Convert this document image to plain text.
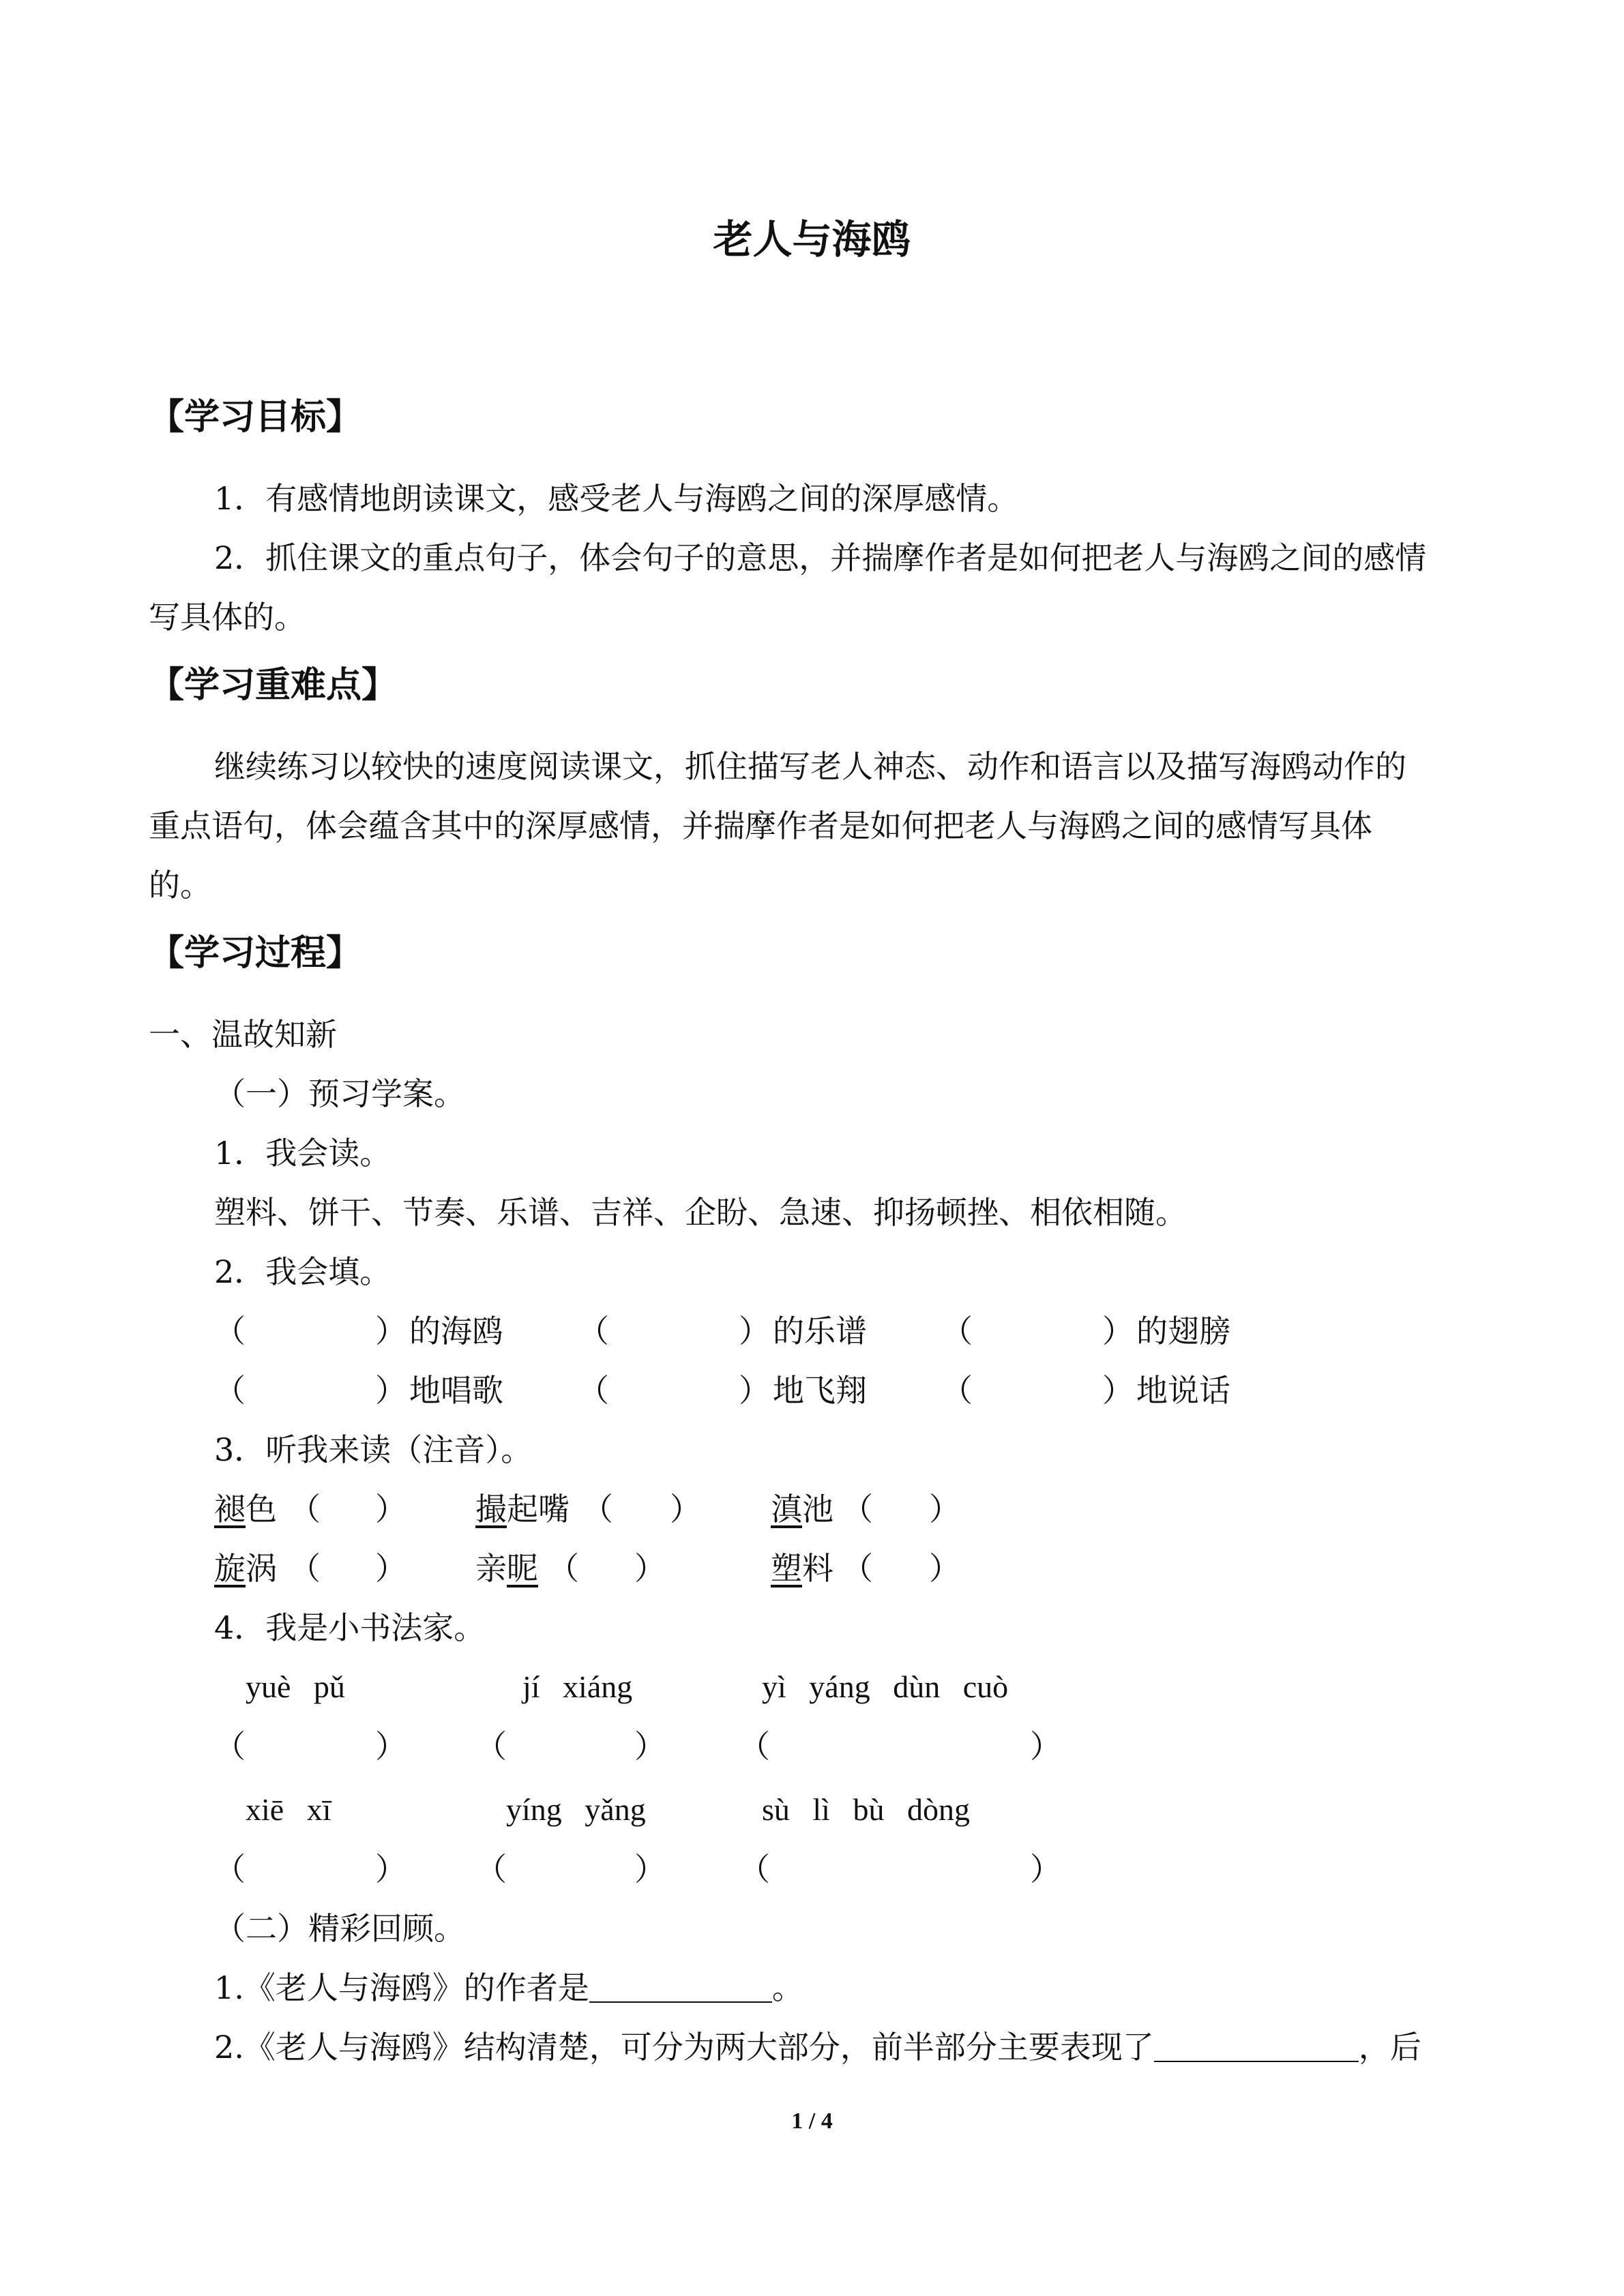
老人与海鸥
【学习目标】
1．有感情地朗读课文，感受老人与海鸥之间的深厚感情。
2．抓住课文的重点句子，体会句子的意思，并揣摩作者是如何把老人与海鸥之间的感情
写具体的。
【学习重难点】
继续练习以较快的速度阅读课文，抓住描写老人神态、动作和语言以及描写海鸥动作的
重点语句，体会蕴含其中的深厚感情，并揣摩作者是如何把老人与海鸥之间的感情写具体
的。
【学习过程】
一、温故知新
（一）预习学案。
1．我会读。
塑料、饼干、节奏、乐谱、吉祥、企盼、急速、抑扬顿挫、相依相随。
2．我会填。
（	） 的海鸥 （	） 的乐谱 （	） 的翅膀
（	） 地唱歌 （	） 地飞翔 （	） 地说话
3．听我来读（注音）。
褪色 （ ） 撮起嘴 （ ） 滇池 （ ）
旋涡 （ ） 亲昵 （ ）	塑料 （ ）
4．我是小书法家。
yuè pǔ	jí xiáng	yì yáng dùn cuò
（	） （	） （	）
xiē xī	yíng yǎng	sù lì bù dòng
（	） （	） （	）
（二）精彩回顾。
1.《老人与海鸥》的作者是	。
2.《老人与海鸥》结构清楚，可分为两大部分，前半部分主要表现了	，后
1 / 4
